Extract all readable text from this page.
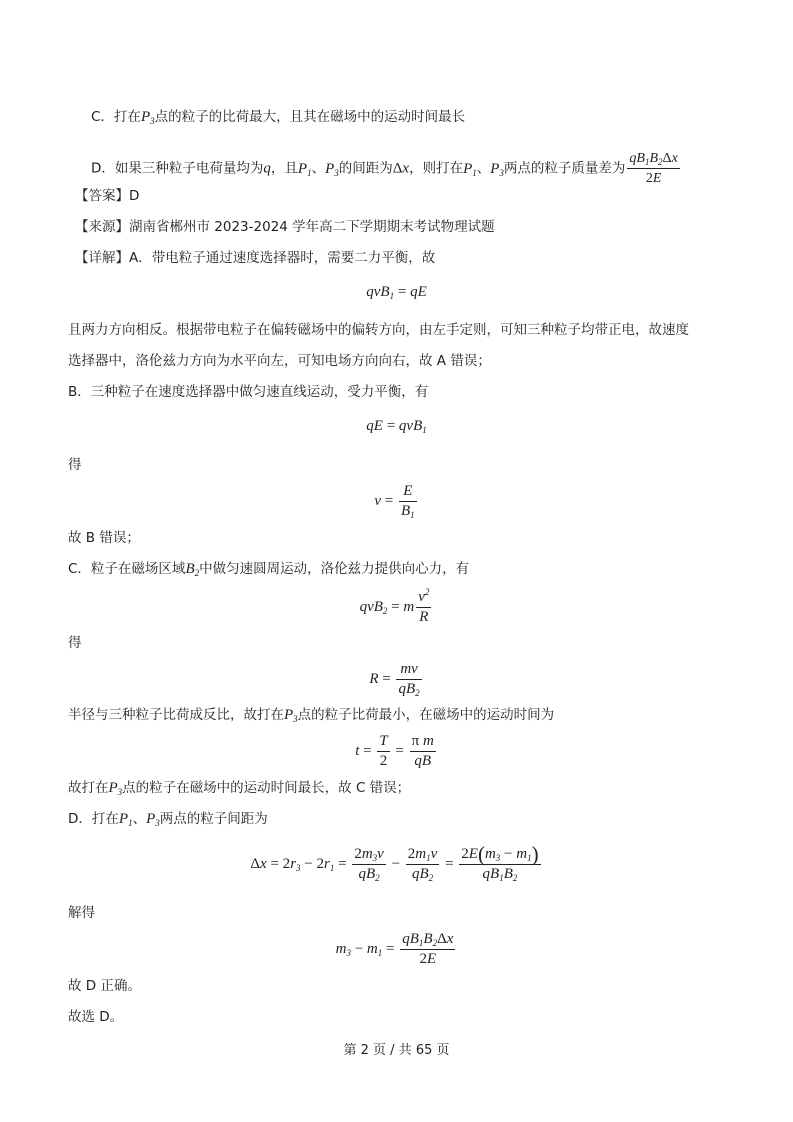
C．打在$P_3$点的粒子的比荷最大，且其在磁场中的运动时间最长
D．如果三种粒子电荷量均为q，且$P_1$、$P_3$的间距为Δx，则打在$P_1$、$P_3$两点的粒子质量差为 $\frac{qB_1B_2\Delta x}{2E}$
【答案】D
【来源】湖南省郴州市 2023-2024 学年高二下学期期末考试物理试题
【详解】A．带电粒子通过速度选择器时，需要二力平衡，故
qvB$_1$ = qE
且两力方向相反。根据带电粒子在偏转磁场中的偏转方向，由左手定则，可知三种粒子均带正电，故速度
选择器中，洛伦兹力方向为水平向左，可知电场方向向右，故 A 错误；
B．三种粒子在速度选择器中做匀速直线运动，受力平衡，有
qE = qvB$_1$
得
$v = \frac{E}{B_1}$
故 B 错误；
C．粒子在磁场区域$B_2$中做匀速圆周运动，洛伦兹力提供向心力，有
qvB$_2$ = m $\frac{v^2}{R}$
得
$R = \frac{mv}{qB_2}$
半径与三种粒子比荷成反比，故打在$P_3$点的粒子比荷最小，在磁场中的运动时间为
$t = \frac{T}{2} = \frac{\text{π m}}{qB}$
故打在$P_3$点的粒子在磁场中的运动时间最长，故 C 错误；
D．打在$P_1$、$P_3$两点的粒子间距为
$\Delta x = 2r_3 - 2r_1 = \frac{2m_3v}{qB_2} - \frac{2m_1v}{qB_2} = \frac{2E(m_3 - m_1)}{qB_1B_2}$
解得
$m_3 - m_1 = \frac{qB_1B_2\Delta x}{2E}$
故 D 正确。
故选 D。
第 2 页 / 共 65 页
